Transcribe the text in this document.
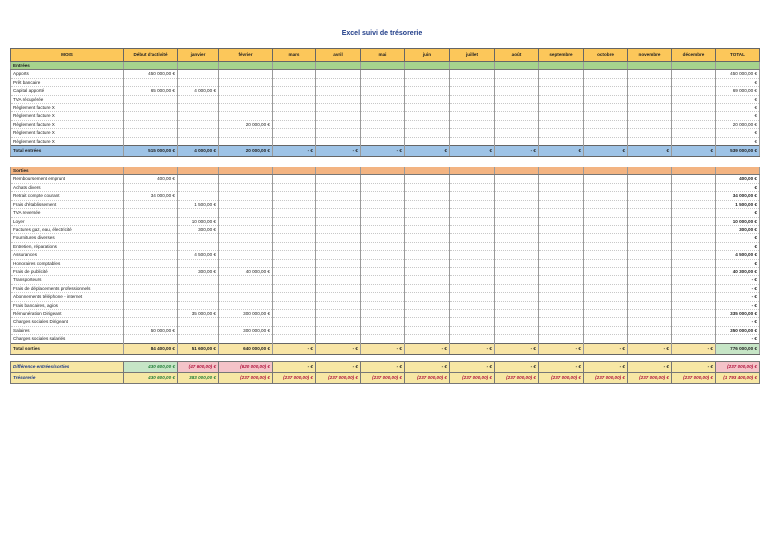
Excel suivi de trésorerie
MOIS	Début d'activité	janvier	février	mars	avril	mai	juin	juillet	août	septembre	octobre	novembre	décembre	TOTAL
Entrées														
Apports	450 000,00 €													450 000,00 €
Prêt bancaire														€
Capital apporté	65 000,00 €	4 000,00 €												69 000,00 €
TVA récupérée														€
Règlement facture X														€
Règlement facture X														€
Règlement facture X			20 000,00 €											20 000,00 €
Règlement facture X														€
Règlement facture X														€
Total entrées	515 000,00 €	4 000,00 €	20 000,00 €	- €	- €	- €	€	€	- €	€	€	€	€	539 000,00 €

Sorties														
Remboursement emprunt	400,00 €													400,00 €
Achats divers														€
Retrait compte courant	34 000,00 €													34 000,00 €
Frais d'établissement		1 500,00 €												1 500,00 €
TVA reversée														€
Loyer		10 000,00 €												10 000,00 €
Factures gaz, eau, électricité		300,00 €												300,00 €
Fournitures diverses														€
Entretien, réparations														€
Assurances		4 500,00 €												4 500,00 €
Honoraires comptables														€
Frais de publicité		300,00 €	40 000,00 €											40 300,00 €
Transporteurs														- €
Frais de déplacements professionnels														- €
Abonnements téléphone - internet														- €
Frais bancaires, agios														- €
Rémunération Dirigeant		35 000,00 €	300 000,00 €											335 000,00 €
Charges sociales Dirigeant														- €
Salaires	50 000,00 €		300 000,00 €											350 000,00 €
Charges sociales salariés														- €
Total sorties	84 400,00 €	51 600,00 €	640 000,00 €	- €	- €	- €	- €	- €	- €	- €	- €	- €	- €	776 000,00 €

Différence entrées/sorties	430 600,00 €	(47 600,00) €	(620 000,00) €	- €	- €	- €	- €	- €	- €	- €	- €	- €	- €	(237 000,00) €
Trésorerie	430 600,00 €	383 000,00 €	(237 000,00) €	(237 000,00) €	(237 000,00) €	(237 000,00) €	(237 000,00) €	(237 000,00) €	(237 000,00) €	(237 000,00) €	(237 000,00) €	(237 000,00) €	(237 000,00) €	(1 793 400,00) €
